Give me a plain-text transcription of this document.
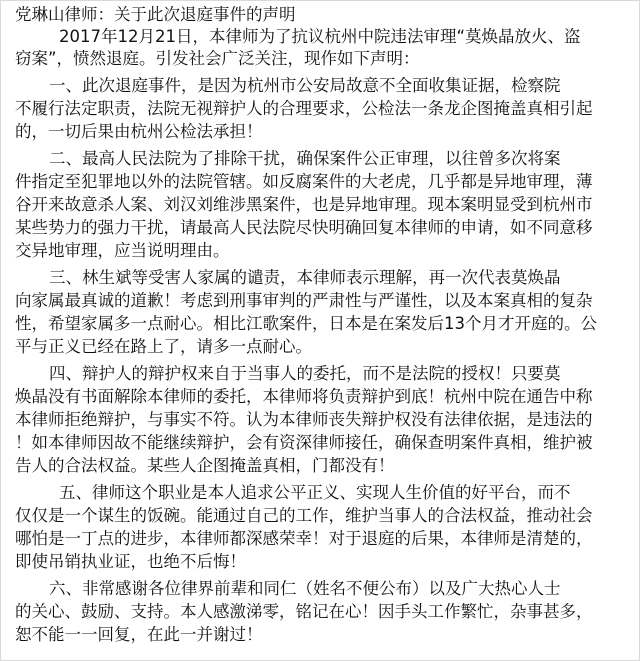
党琳山律师：关于此次退庭事件的声明
2017年12月21日，本律师为了抗议杭州中院违法审理“莫焕晶放火、盗
窃案”，愤然退庭。引发社会广泛关注，现作如下声明：
一、此次退庭事件，是因为杭州市公安局故意不全面收集证据，检察院
不履行法定职责，法院无视辩护人的合理要求，公检法一条龙企图掩盖真相引起
的，一切后果由杭州公检法承担！
二、最高人民法院为了排除干扰，确保案件公正审理，以往曾多次将案
件指定至犯罪地以外的法院管辖。如反腐案件的大老虎，几乎都是异地审理，薄
谷开来故意杀人案、刘汉刘维涉黑案件，也是异地审理。现本案明显受到杭州市
某些势力的强力干扰，请最高人民法院尽快明确回复本律师的申请，如不同意移
交异地审理，应当说明理由。
三、林生斌等受害人家属的谴责，本律师表示理解，再一次代表莫焕晶
向家属最真诚的道歉！考虑到刑事审判的严肃性与严谨性，以及本案真相的复杂
性，希望家属多一点耐心。相比江歌案件，日本是在案发后13个月才开庭的。公
平与正义已经在路上了，请多一点耐心。
四、辩护人的辩护权来自于当事人的委托，而不是法院的授权！只要莫
焕晶没有书面解除本律师的委托，本律师将负责辩护到底！杭州中院在通告中称
本律师拒绝辩护，与事实不符。认为本律师丧失辩护权没有法律依据，是违法的
！如本律师因故不能继续辩护，会有资深律师接任，确保查明案件真相，维护被
告人的合法权益。某些人企图掩盖真相，门都没有！
五、律师这个职业是本人追求公平正义、实现人生价值的好平台，而不
仅仅是一个谋生的饭碗。能通过自己的工作，维护当事人的合法权益，推动社会
哪怕是一丁点的进步，本律师都深感荣幸！对于退庭的后果，本律师是清楚的，
即使吊销执业证，也绝不后悔！
六、非常感谢各位律界前辈和同仁（姓名不便公布）以及广大热心人士
的关心、鼓励、支持。本人感激涕零，铭记在心！因手头工作繁忙，杂事甚多，
恕不能一一回复，在此一并谢过！
